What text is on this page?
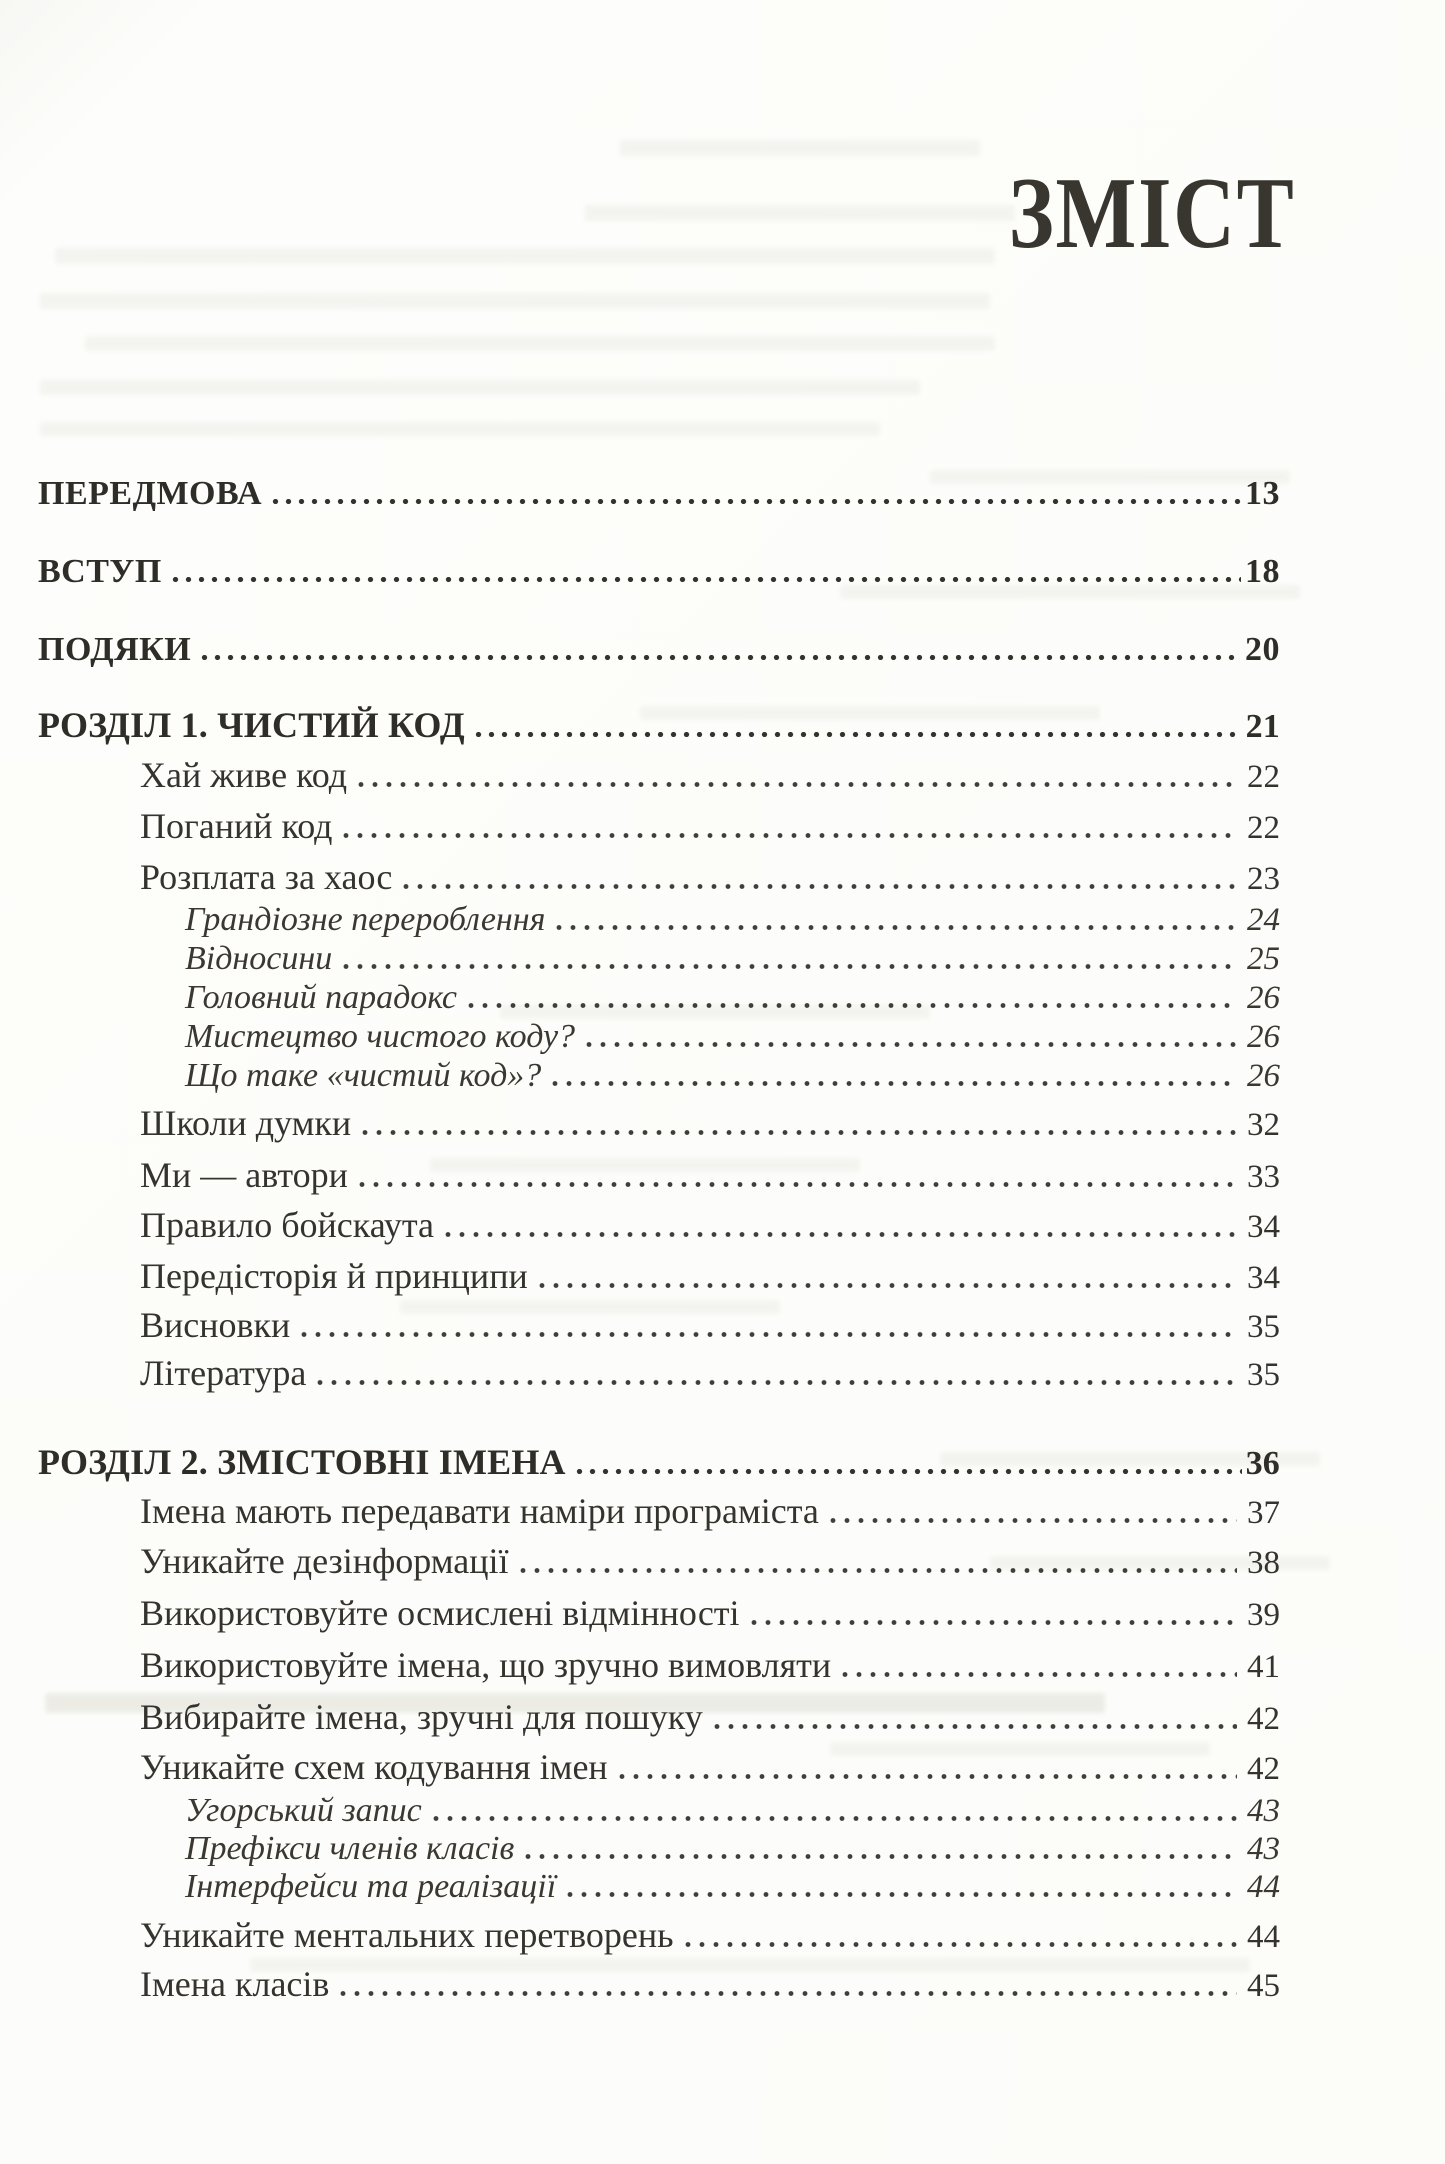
ЗМІСТ
ПЕРЕДМОВА	13
ВСТУП	18
ПОДЯКИ	20
РОЗДІЛ 1. ЧИСТИЙ КОД	21
Хай живе код	22
Поганий код	22
Розплата за хаос	23
Грандіозне перероблення	24
Відносини	25
Головний парадокс	26
Мистецтво чистого коду?	26
Що таке «чистий код»?	26
Школи думки	32
Ми — автори	33
Правило бойскаута	34
Передісторія й принципи	34
Висновки	35
Література	35
РОЗДІЛ 2. ЗМІСТОВНІ ІМЕНА	36
Імена мають передавати наміри програміста	37
Уникайте дезінформації	38
Використовуйте осмислені відмінності	39
Використовуйте імена, що зручно вимовляти	41
Вибирайте імена, зручні для пошуку	42
Уникайте схем кодування імен	42
Угорський запис	43
Префікси членів класів	43
Інтерфейси та реалізації	44
Уникайте ментальних перетворень	44
Імена класів	45
